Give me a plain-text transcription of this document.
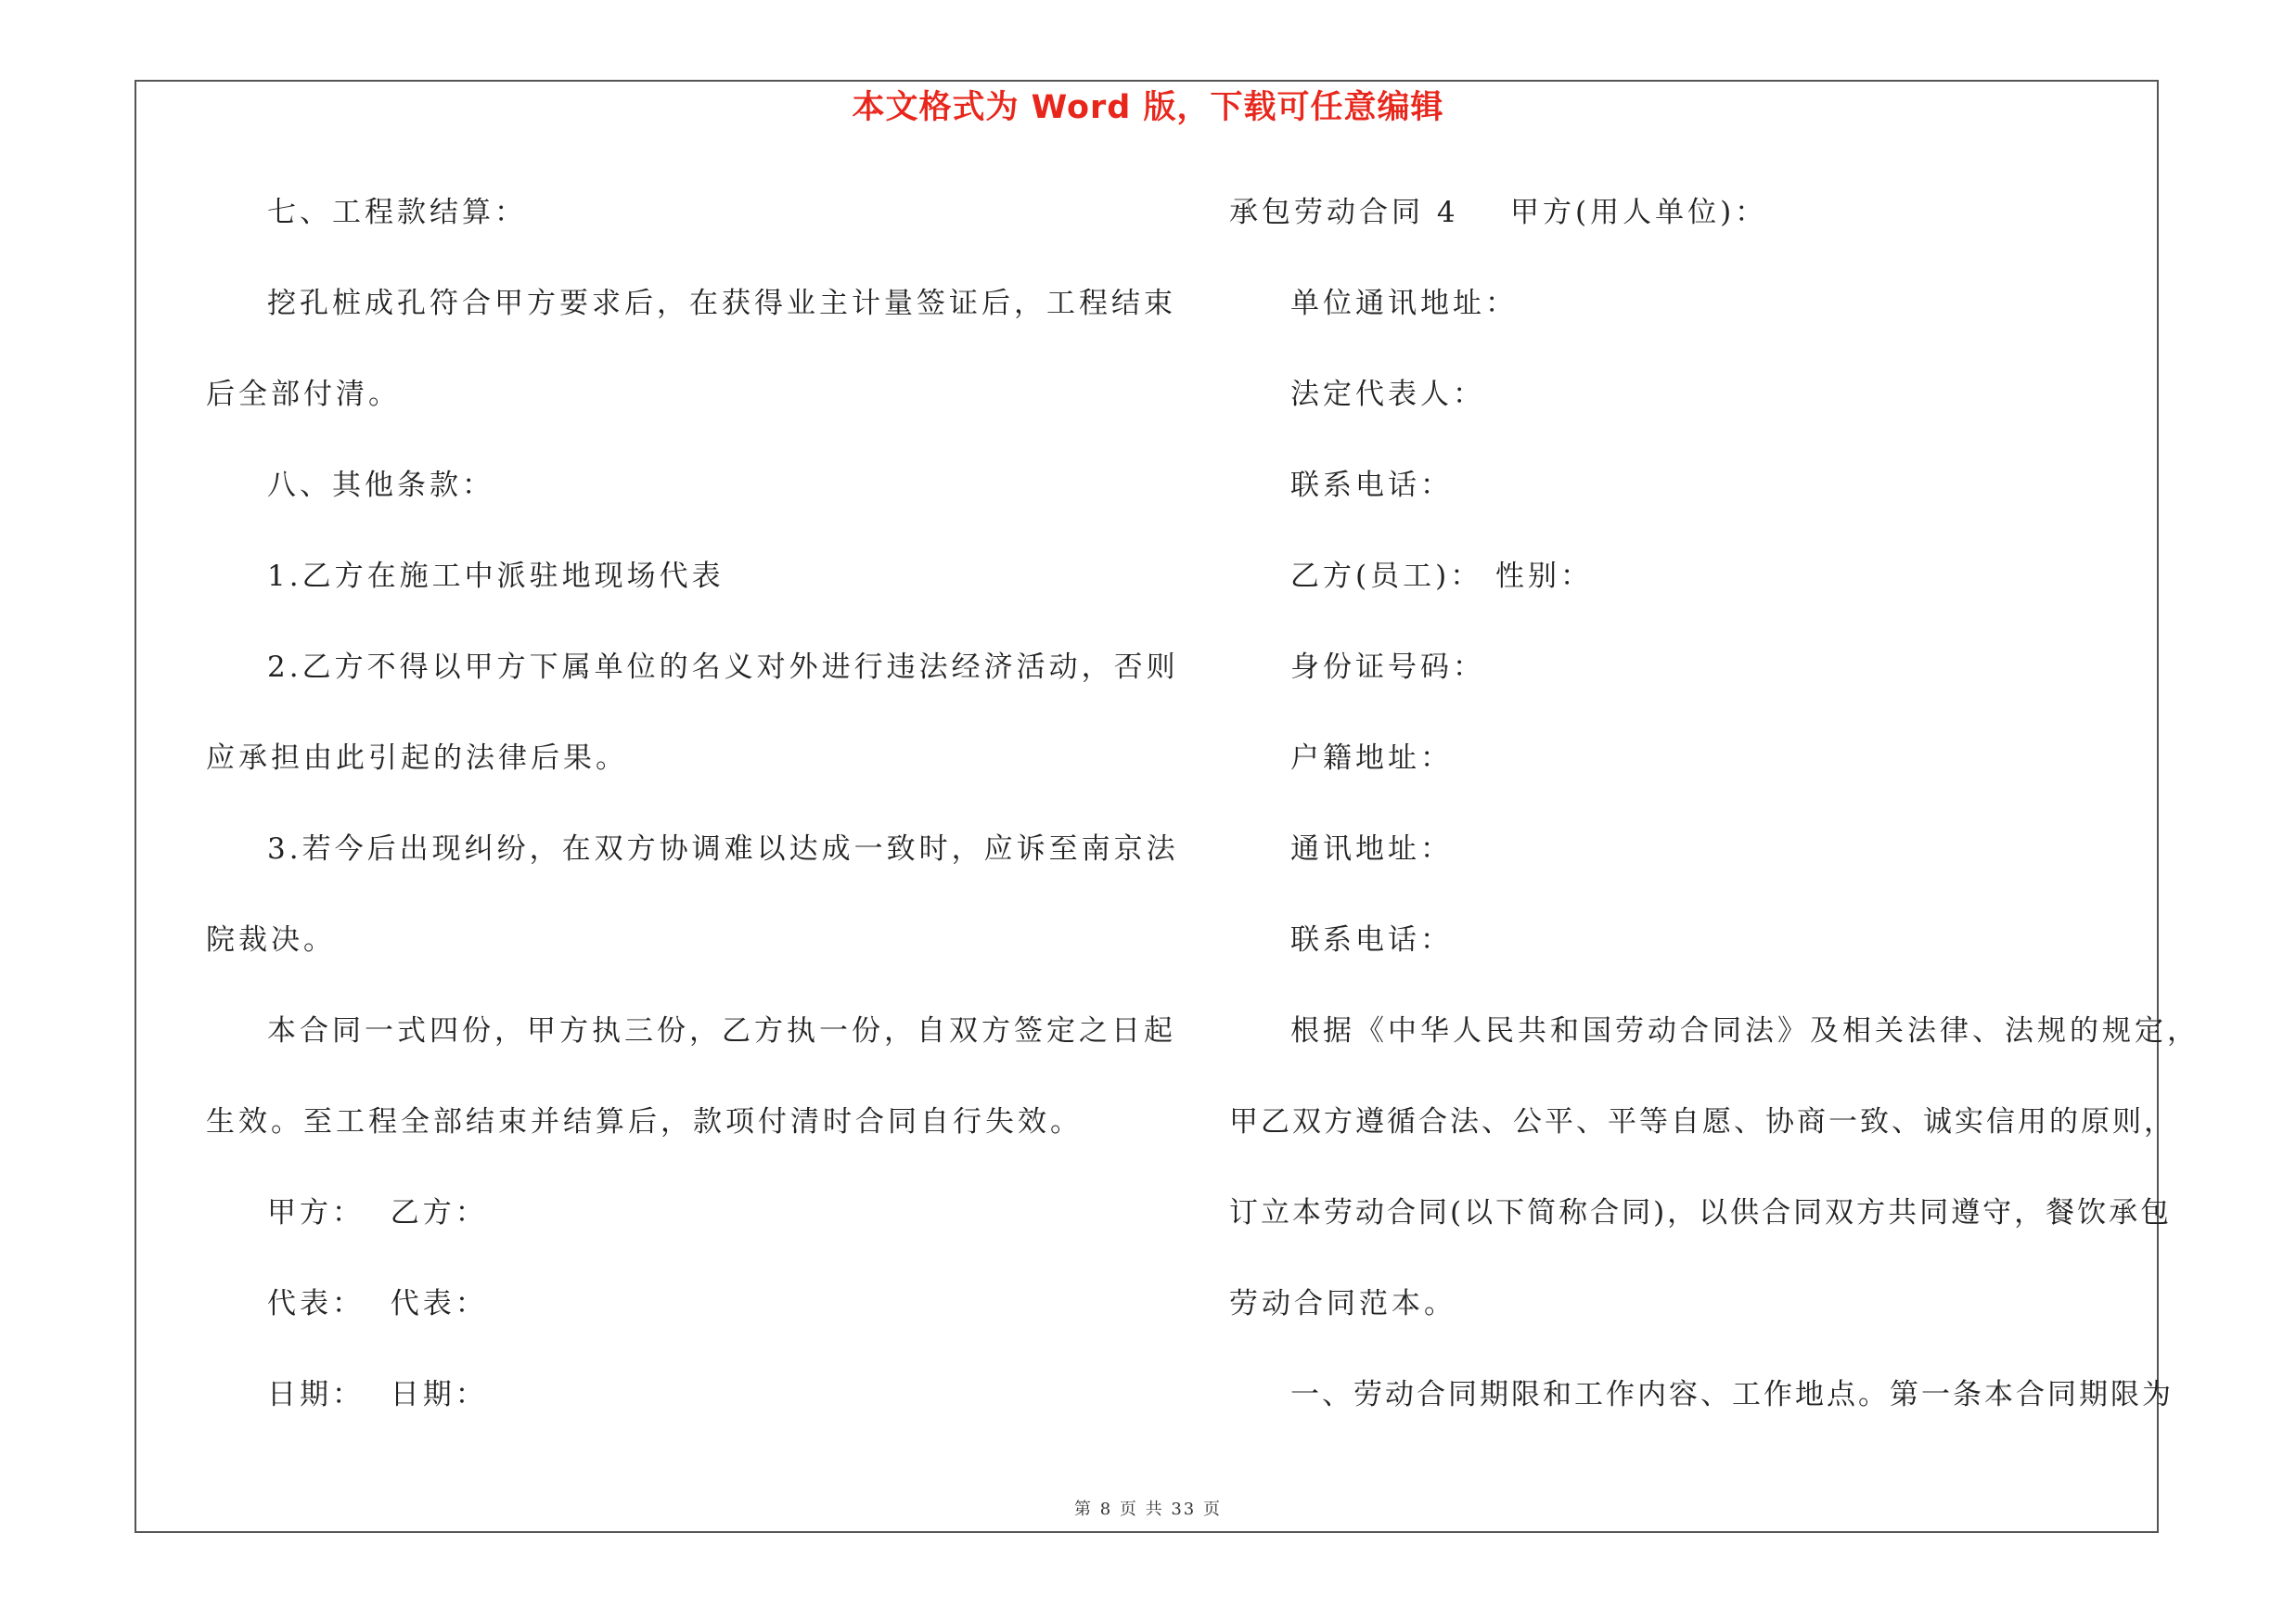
本文格式为 Word 版，下载可任意编辑
七、工程款结算：
挖孔桩成孔符合甲方要求后，在获得业主计量签证后，工程结束
后全部付清。
八、其他条款：
1.乙方在施工中派驻地现场代表
2.乙方不得以甲方下属单位的名义对外进行违法经济活动，否则
应承担由此引起的法律后果。
3.若今后出现纠纷，在双方协调难以达成一致时，应诉至南京法
院裁决。
本合同一式四份，甲方执三份，乙方执一份，自双方签定之日起
生效。至工程全部结束并结算后，款项付清时合同自行失效。
甲方：  乙方：
代表：  代表：
日期：  日期：
承包劳动合同 4    甲方(用人单位)：
单位通讯地址：
法定代表人：
联系电话：
乙方(员工)： 性别：
身份证号码：
户籍地址：
通讯地址：
联系电话：
根据《中华人民共和国劳动合同法》及相关法律、法规的规定，
甲乙双方遵循合法、公平、平等自愿、协商一致、诚实信用的原则，
订立本劳动合同(以下简称合同)，以供合同双方共同遵守，餐饮承包
劳动合同范本。
一、劳动合同期限和工作内容、工作地点。第一条本合同期限为
第 8 页 共 33 页
